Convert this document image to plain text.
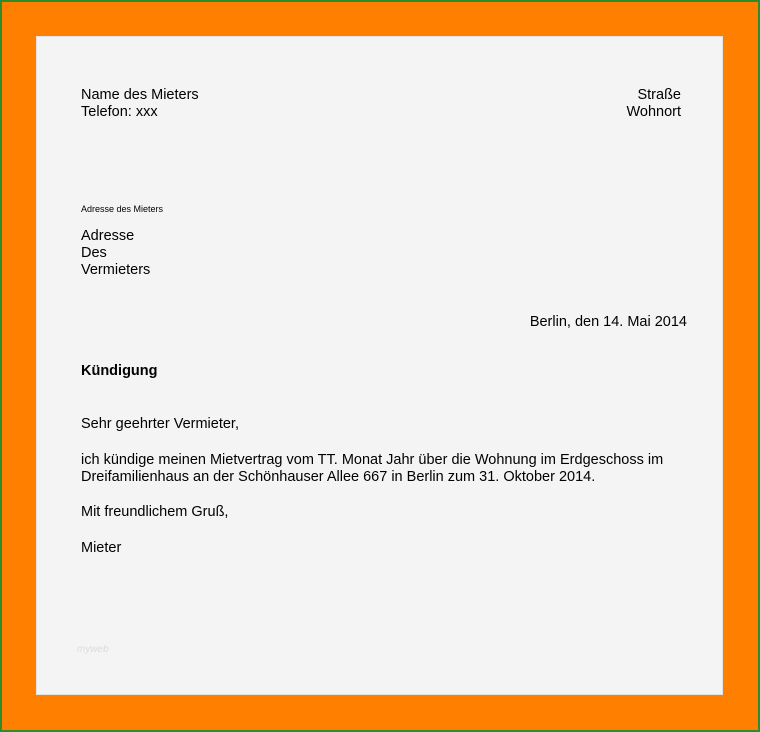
Name des Mieters
Telefon: xxx
Straße
Wohnort
Adresse des Mieters
Adresse
Des
Vermieters
Berlin, den 14. Mai 2014
Kündigung
Sehr geehrter Vermieter,
ich kündige meinen Mietvertrag vom TT. Monat Jahr über die Wohnung im Erdgeschoss im
Dreifamilienhaus an der Schönhauser Allee 667 in Berlin zum 31. Oktober 2014.
Mit freundlichem Gruß,
Mieter
myweb
